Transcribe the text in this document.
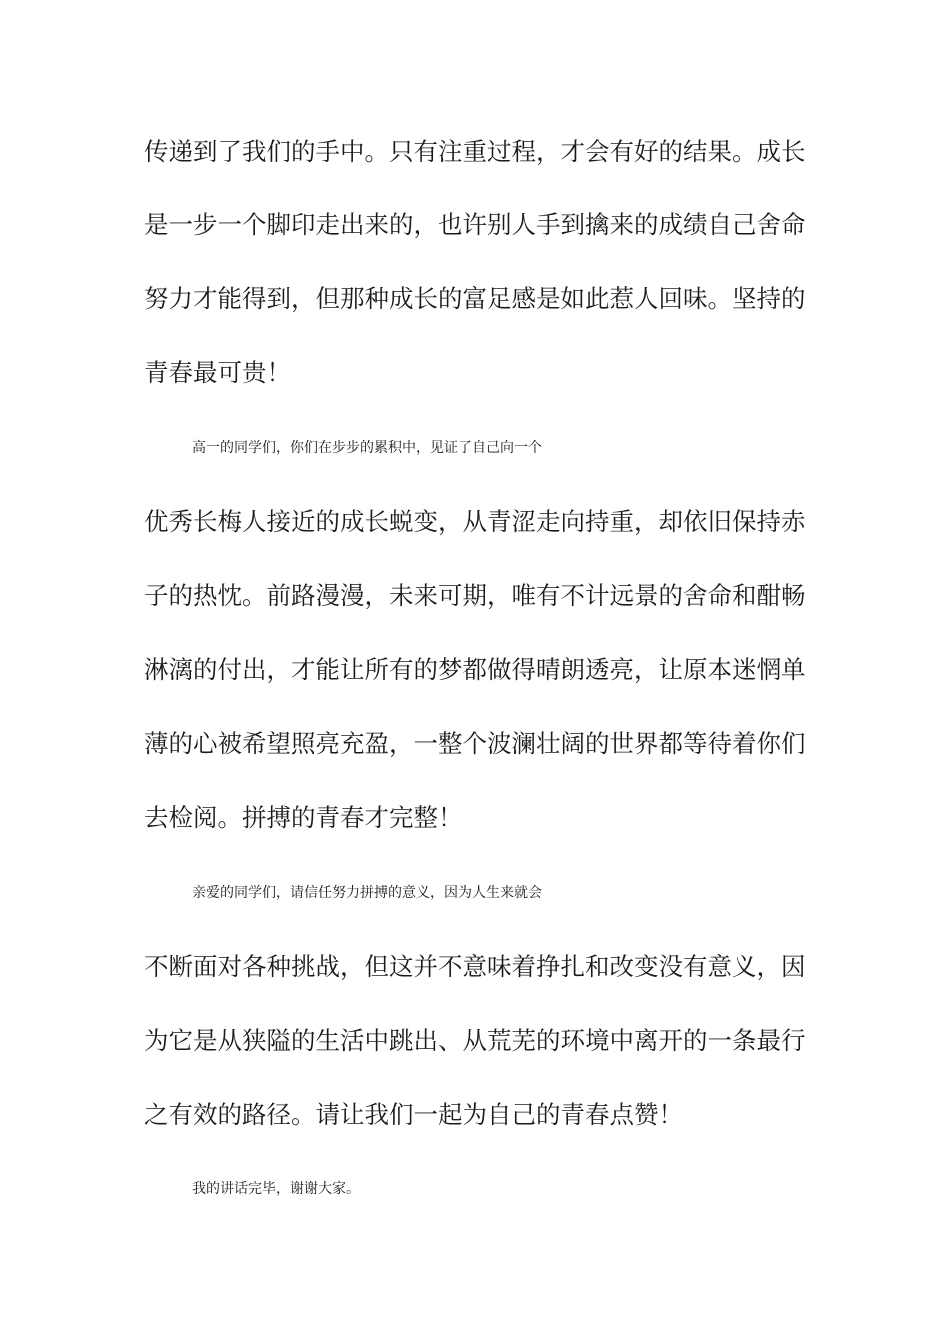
传递到了我们的手中。只有注重过程，才会有好的结果。成长
是一步一个脚印走出来的，也许别人手到擒来的成绩自己舍命
努力才能得到，但那种成长的富足感是如此惹人回味。坚持的
青春最可贵！
高一的同学们，你们在步步的累积中，见证了自己向一个
优秀长梅人接近的成长蜕变，从青涩走向持重，却依旧保持赤
子的热忱。前路漫漫，未来可期，唯有不计远景的舍命和酣畅
淋漓的付出，才能让所有的梦都做得晴朗透亮，让原本迷惘单
薄的心被希望照亮充盈，一整个波澜壮阔的世界都等待着你们
去检阅。拼搏的青春才完整！
亲爱的同学们，请信任努力拼搏的意义，因为人生来就会
不断面对各种挑战，但这并不意味着挣扎和改变没有意义，因
为它是从狭隘的生活中跳出、从荒芜的环境中离开的一条最行
之有效的路径。请让我们一起为自己的青春点赞！
我的讲话完毕，谢谢大家。
